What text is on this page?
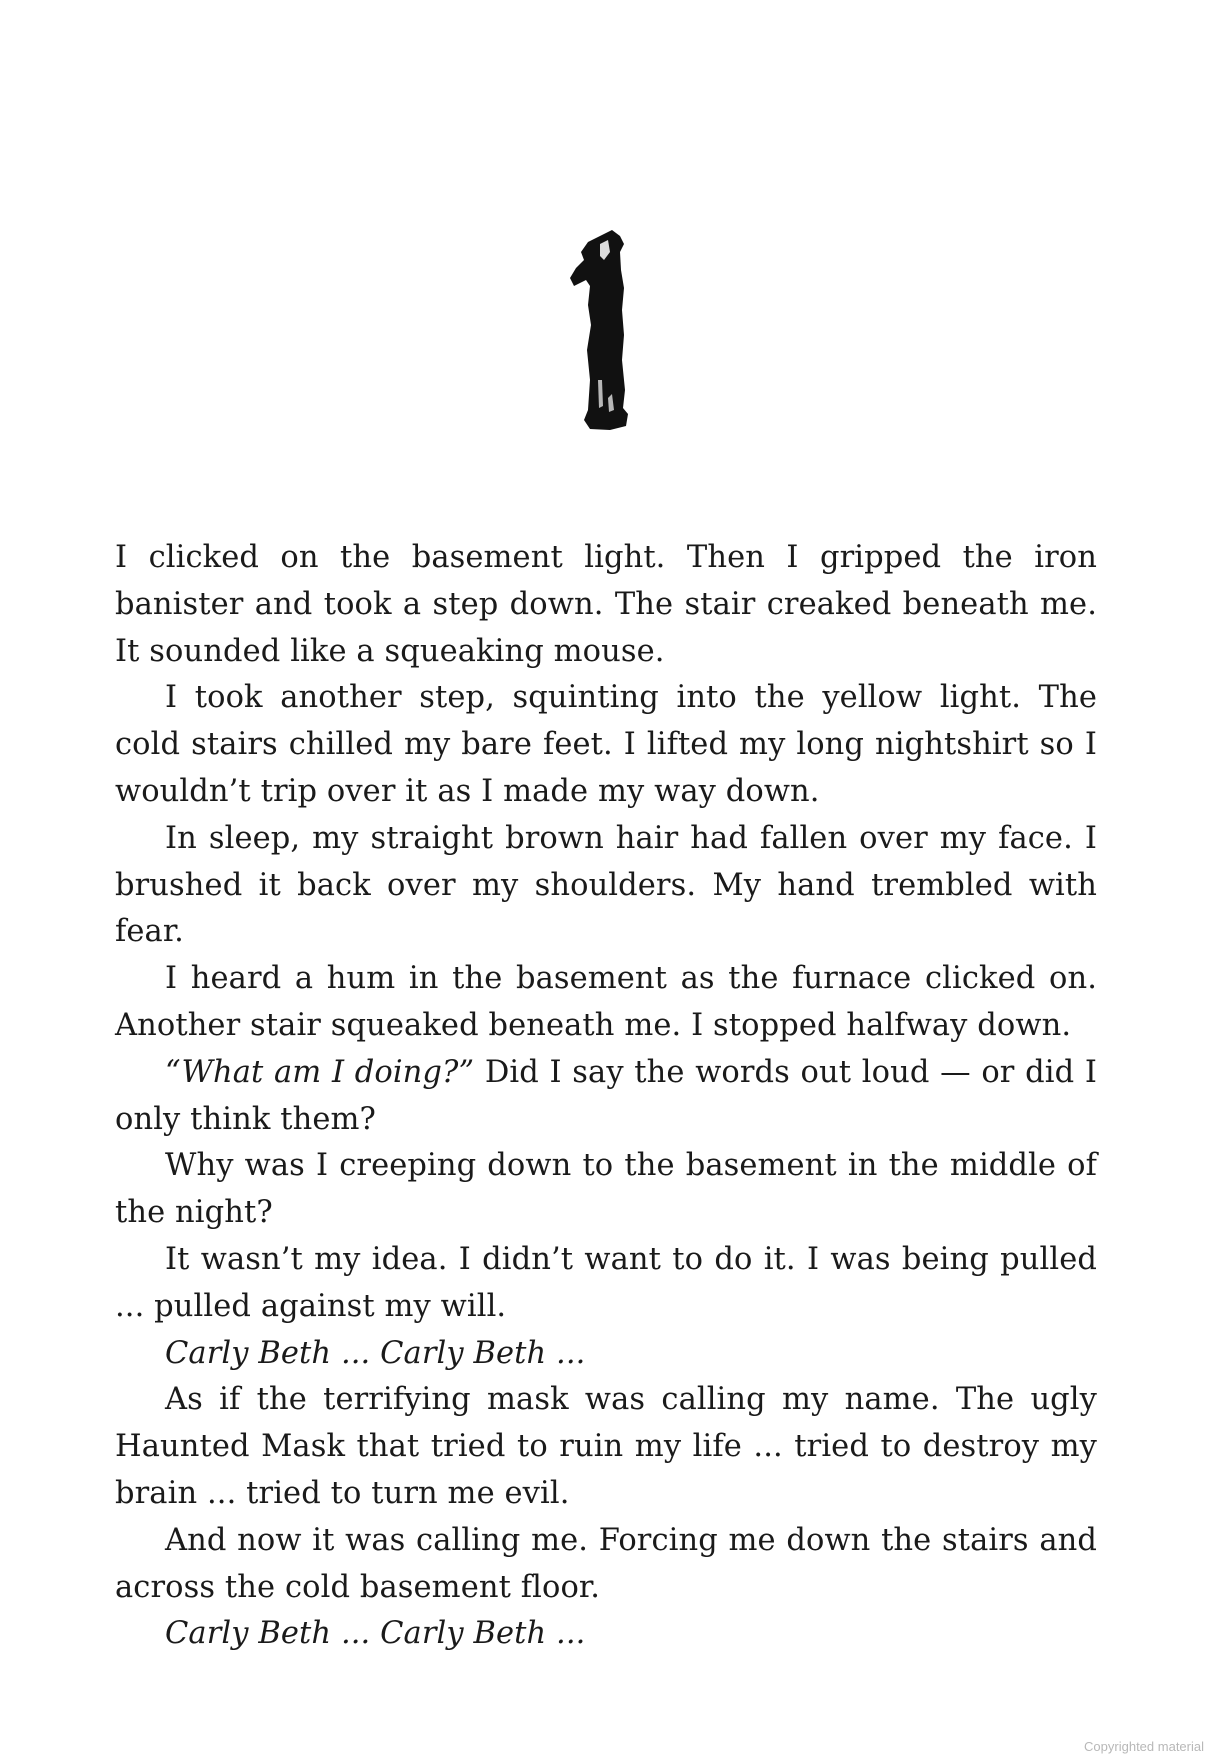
I clicked on the basement light. Then I gripped the iron banister and took a step down. The stair creaked beneath me. It sounded like a squeaking mouse.

I took another step, squinting into the yellow light. The cold stairs chilled my bare feet. I lifted my long nightshirt so I wouldn’t trip over it as I made my way down.

In sleep, my straight brown hair had fallen over my face. I brushed it back over my shoulders. My hand trembled with fear.

I heard a hum in the basement as the furnace clicked on. Another stair squeaked beneath me. I stopped halfway down.

“What am I doing?” Did I say the words out loud — or did I only think them?

Why was I creeping down to the basement in the middle of the night?

It wasn’t my idea. I didn’t want to do it. I was being pulled ... pulled against my will.

Carly Beth ... Carly Beth ...

As if the terrifying mask was calling my name. The ugly Haunted Mask that tried to ruin my life ... tried to destroy my brain ... tried to turn me evil.

And now it was calling me. Forcing me down the stairs and across the cold basement floor.

Carly Beth ... Carly Beth ...

Copyrighted material
